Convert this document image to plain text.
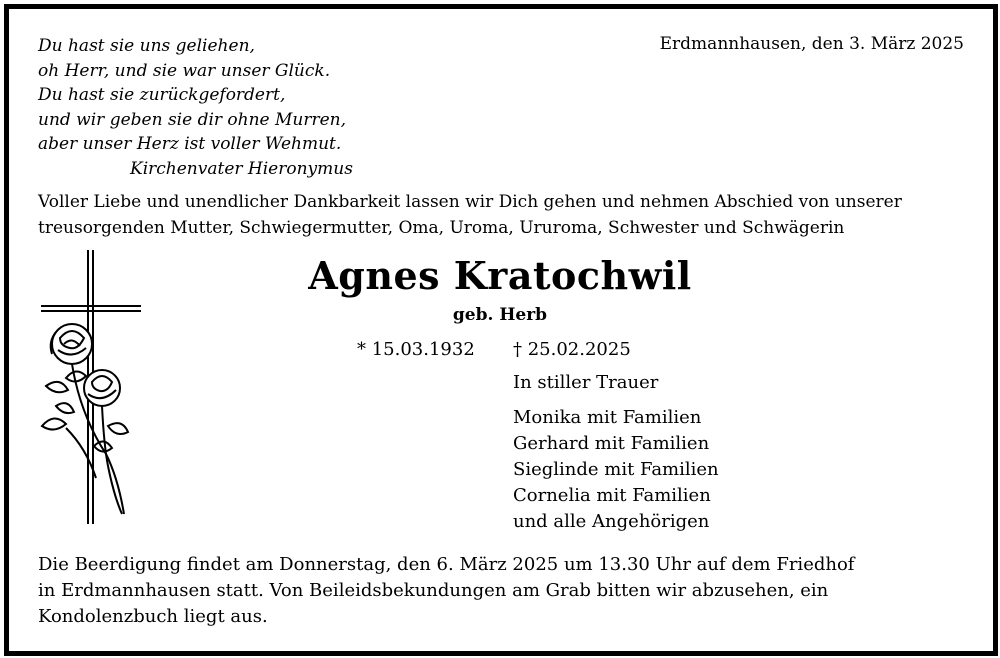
Du hast sie uns geliehen,
oh Herr, und sie war unser Glück.
Du hast sie zurückgefordert,
und wir geben sie dir ohne Murren,
aber unser Herz ist voller Wehmut.
Kirchenvater Hieronymus
Erdmannhausen, den 3. März 2025
Voller Liebe und unendlicher Dankbarkeit lassen wir Dich gehen und nehmen Abschied von unserer
treusorgenden Mutter, Schwiegermutter, Oma, Uroma, Ururoma, Schwester und Schwägerin
Agnes Kratochwil
geb. Herb
* 15.03.1932 † 25.02.2025
In stiller Trauer
Monika mit Familien
Gerhard mit Familien
Sieglinde mit Familien
Cornelia mit Familien
und alle Angehörigen
Die Beerdigung findet am Donnerstag, den 6. März 2025 um 13.30 Uhr auf dem Friedhof
in Erdmannhausen statt. Von Beileidsbekundungen am Grab bitten wir abzusehen, ein
Kondolenzbuch liegt aus.
